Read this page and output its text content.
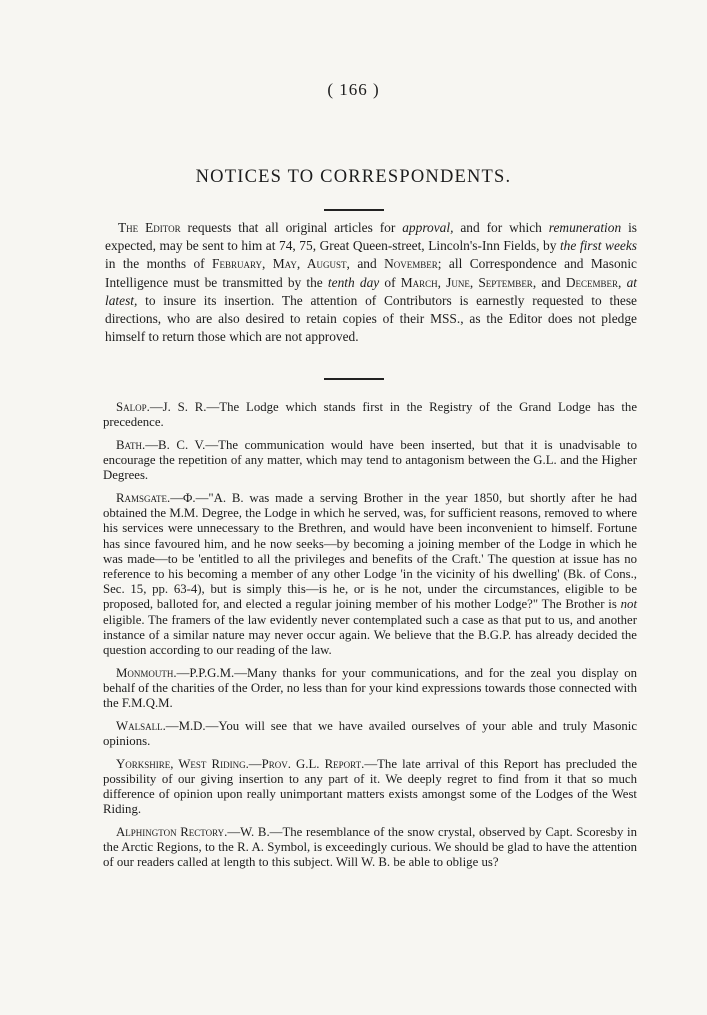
( 166 )
NOTICES TO CORRESPONDENTS.

The Editor requests that all original articles for approval, and for which remuneration is expected, may be sent to him at 74, 75, Great Queen-street, Lincoln's-Inn Fields, by the first weeks in the months of February, May, August, and November; all Correspondence and Masonic Intelligence must be transmitted by the tenth day of March, June, September, and December, at latest, to insure its insertion. The attention of Contributors is earnestly requested to these directions, who are also desired to retain copies of their MSS., as the Editor does not pledge himself to return those which are not approved.

Salop.—J. S. R.—The Lodge which stands first in the Registry of the Grand Lodge has the precedence.

Bath.—B. C. V.—The communication would have been inserted, but that it is unadvisable to encourage the repetition of any matter, which may tend to antagonism between the G.L. and the Higher Degrees.

Ramsgate.—Φ.—"A. B. was made a serving Brother in the year 1850, but shortly after he had obtained the M.M. Degree, the Lodge in which he served, was, for sufficient reasons, removed to where his services were unnecessary to the Brethren, and would have been inconvenient to himself. Fortune has since favoured him, and he now seeks—by becoming a joining member of the Lodge in which he was made—to be 'entitled to all the privileges and benefits of the Craft.' The question at issue has no reference to his becoming a member of any other Lodge 'in the vicinity of his dwelling' (Bk. of Cons., Sec. 15, pp. 63-4), but is simply this—is he, or is he not, under the circumstances, eligible to be proposed, balloted for, and elected a regular joining member of his mother Lodge?" The Brother is not eligible. The framers of the law evidently never contemplated such a case as that put to us, and another instance of a similar nature may never occur again. We believe that the B.G.P. has already decided the question according to our reading of the law.

Monmouth.—P.P.G.M.—Many thanks for your communications, and for the zeal you display on behalf of the charities of the Order, no less than for your kind expressions towards those connected with the F.M.Q.M.

Walsall.—M.D.—You will see that we have availed ourselves of your able and truly Masonic opinions.

Yorkshire, West Riding.—Prov. G.L. Report.—The late arrival of this Report has precluded the possibility of our giving insertion to any part of it. We deeply regret to find from it that so much difference of opinion upon really unimportant matters exists amongst some of the Lodges of the West Riding.

Alphington Rectory.—W. B.—The resemblance of the snow crystal, observed by Capt. Scoresby in the Arctic Regions, to the R. A. Symbol, is exceedingly curious. We should be glad to have the attention of our readers called at length to this subject. Will W. B. be able to oblige us?
